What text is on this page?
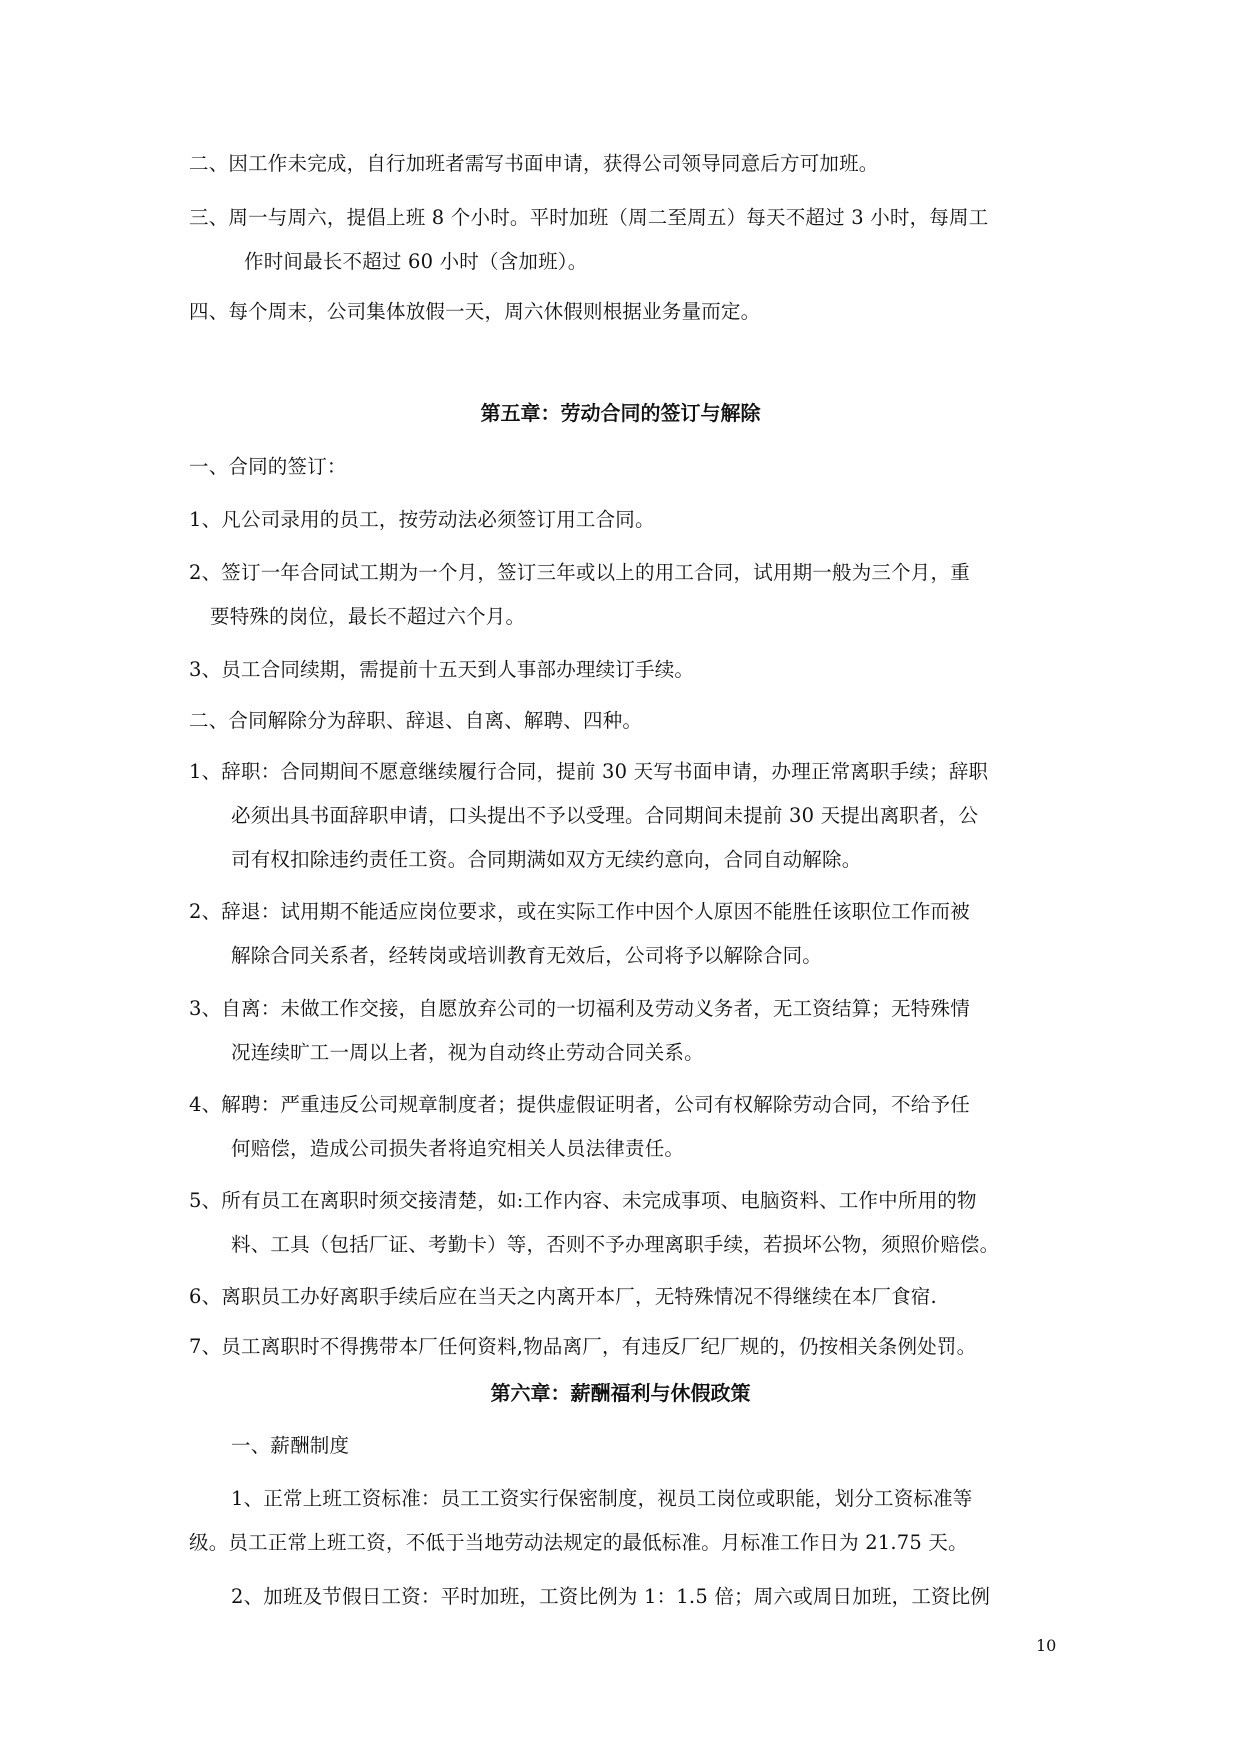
二、因工作未完成，自行加班者需写书面申请，获得公司领导同意后方可加班。
三、周一与周六，提倡上班 8 个小时。平时加班（周二至周五）每天不超过 3 小时，每周工
作时间最长不超过 60 小时（含加班）。
四、每个周末，公司集体放假一天，周六休假则根据业务量而定。
第五章：劳动合同的签订与解除
一、合同的签订：
1、凡公司录用的员工，按劳动法必须签订用工合同。
2、签订一年合同试工期为一个月，签订三年或以上的用工合同，试用期一般为三个月，重
要特殊的岗位，最长不超过六个月。
3、员工合同续期，需提前十五天到人事部办理续订手续。
二、合同解除分为辞职、辞退、自离、解聘、四种。
1、辞职：合同期间不愿意继续履行合同，提前 30 天写书面申请，办理正常离职手续；辞职
必须出具书面辞职申请，口头提出不予以受理。合同期间未提前 30 天提出离职者，公
司有权扣除违约责任工资。合同期满如双方无续约意向，合同自动解除。
2、辞退：试用期不能适应岗位要求，或在实际工作中因个人原因不能胜任该职位工作而被
解除合同关系者，经转岗或培训教育无效后，公司将予以解除合同。
3、自离：未做工作交接，自愿放弃公司的一切福利及劳动义务者，无工资结算；无特殊情
况连续旷工一周以上者，视为自动终止劳动合同关系。
4、解聘：严重违反公司规章制度者；提供虚假证明者，公司有权解除劳动合同，不给予任
何赔偿，造成公司损失者将追究相关人员法律责任。
5、所有员工在离职时须交接清楚，如:工作内容、未完成事项、电脑资料、工作中所用的物
料、工具（包括厂证、考勤卡）等，否则不予办理离职手续，若损坏公物，须照价赔偿。
6、离职员工办好离职手续后应在当天之内离开本厂，无特殊情况不得继续在本厂食宿.
7、员工离职时不得携带本厂任何资料,物品离厂，有违反厂纪厂规的，仍按相关条例处罚。
第六章：薪酬福利与休假政策
一、薪酬制度
1、正常上班工资标准：员工工资实行保密制度，视员工岗位或职能，划分工资标准等
级。员工正常上班工资，不低于当地劳动法规定的最低标准。月标准工作日为 21.75 天。
2、加班及节假日工资：平时加班，工资比例为 1：1.5 倍；周六或周日加班，工资比例
10
